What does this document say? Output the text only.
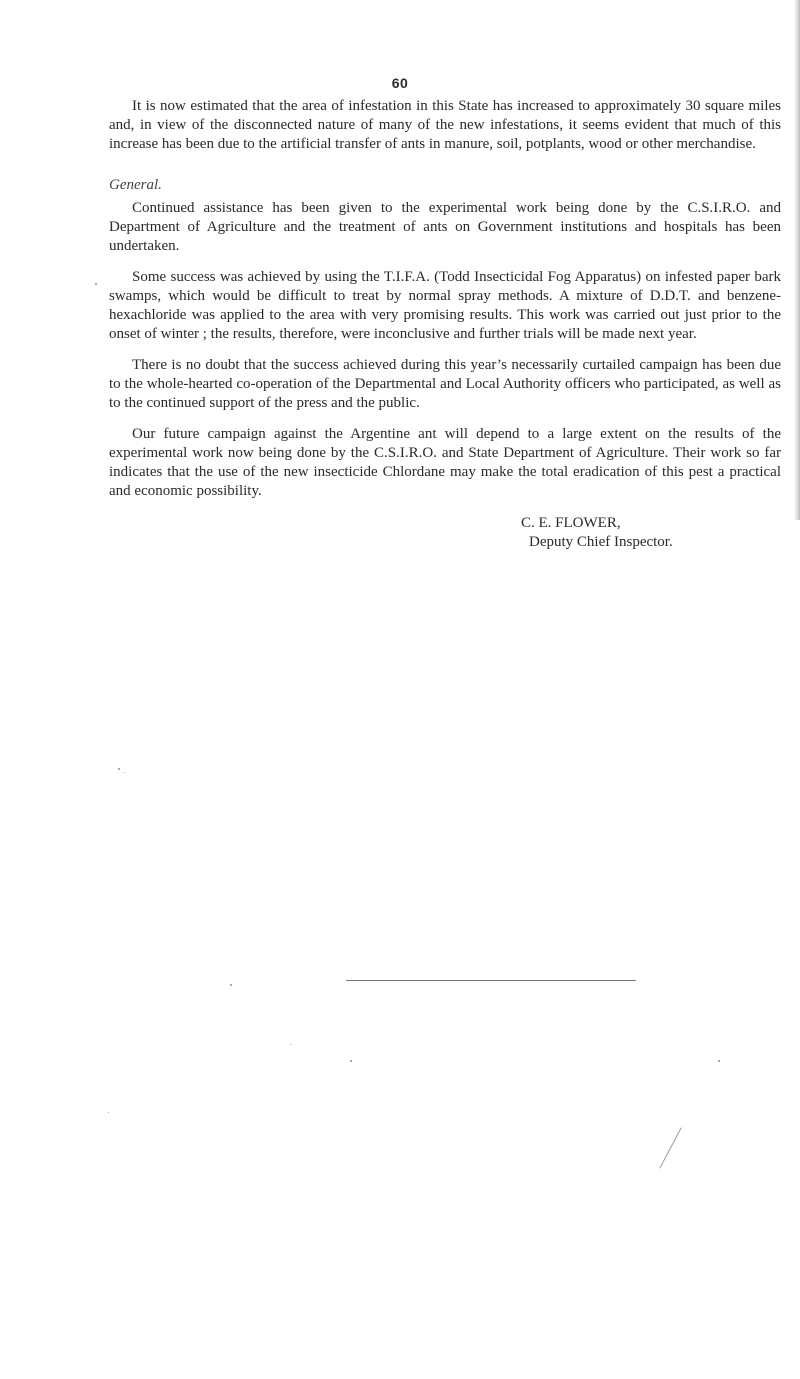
60

It is now estimated that the area of infestation in this State has increased to approximately 30 square miles and, in view of the disconnected nature of many of the new infestations, it seems evident that much of this increase has been due to the artificial transfer of ants in manure, soil, potplants, wood or other merchandise.

General.

Continued assistance has been given to the experimental work being done by the C.S.I.R.O. and Department of Agriculture and the treatment of ants on Government institutions and hospitals has been undertaken.

Some success was achieved by using the T.I.F.A. (Todd Insecticidal Fog Apparatus) on infested paper bark swamps, which would be difficult to treat by normal spray methods. A mixture of D.D.T. and benzene-hexachloride was applied to the area with very promising results. This work was carried out just prior to the onset of winter ; the results, therefore, were inconclusive and further trials will be made next year.

There is no doubt that the success achieved during this year’s necessarily curtailed campaign has been due to the whole-hearted co-operation of the Departmental and Local Authority officers who participated, as well as to the continued support of the press and the public.

Our future campaign against the Argentine ant will depend to a large extent on the results of the experimental work now being done by the C.S.I.R.O. and State Department of Agriculture. Their work so far indicates that the use of the new insecticide Chlordane may make the total eradication of this pest a practical and economic possibility.

C. E. FLOWER,
Deputy Chief Inspector.
